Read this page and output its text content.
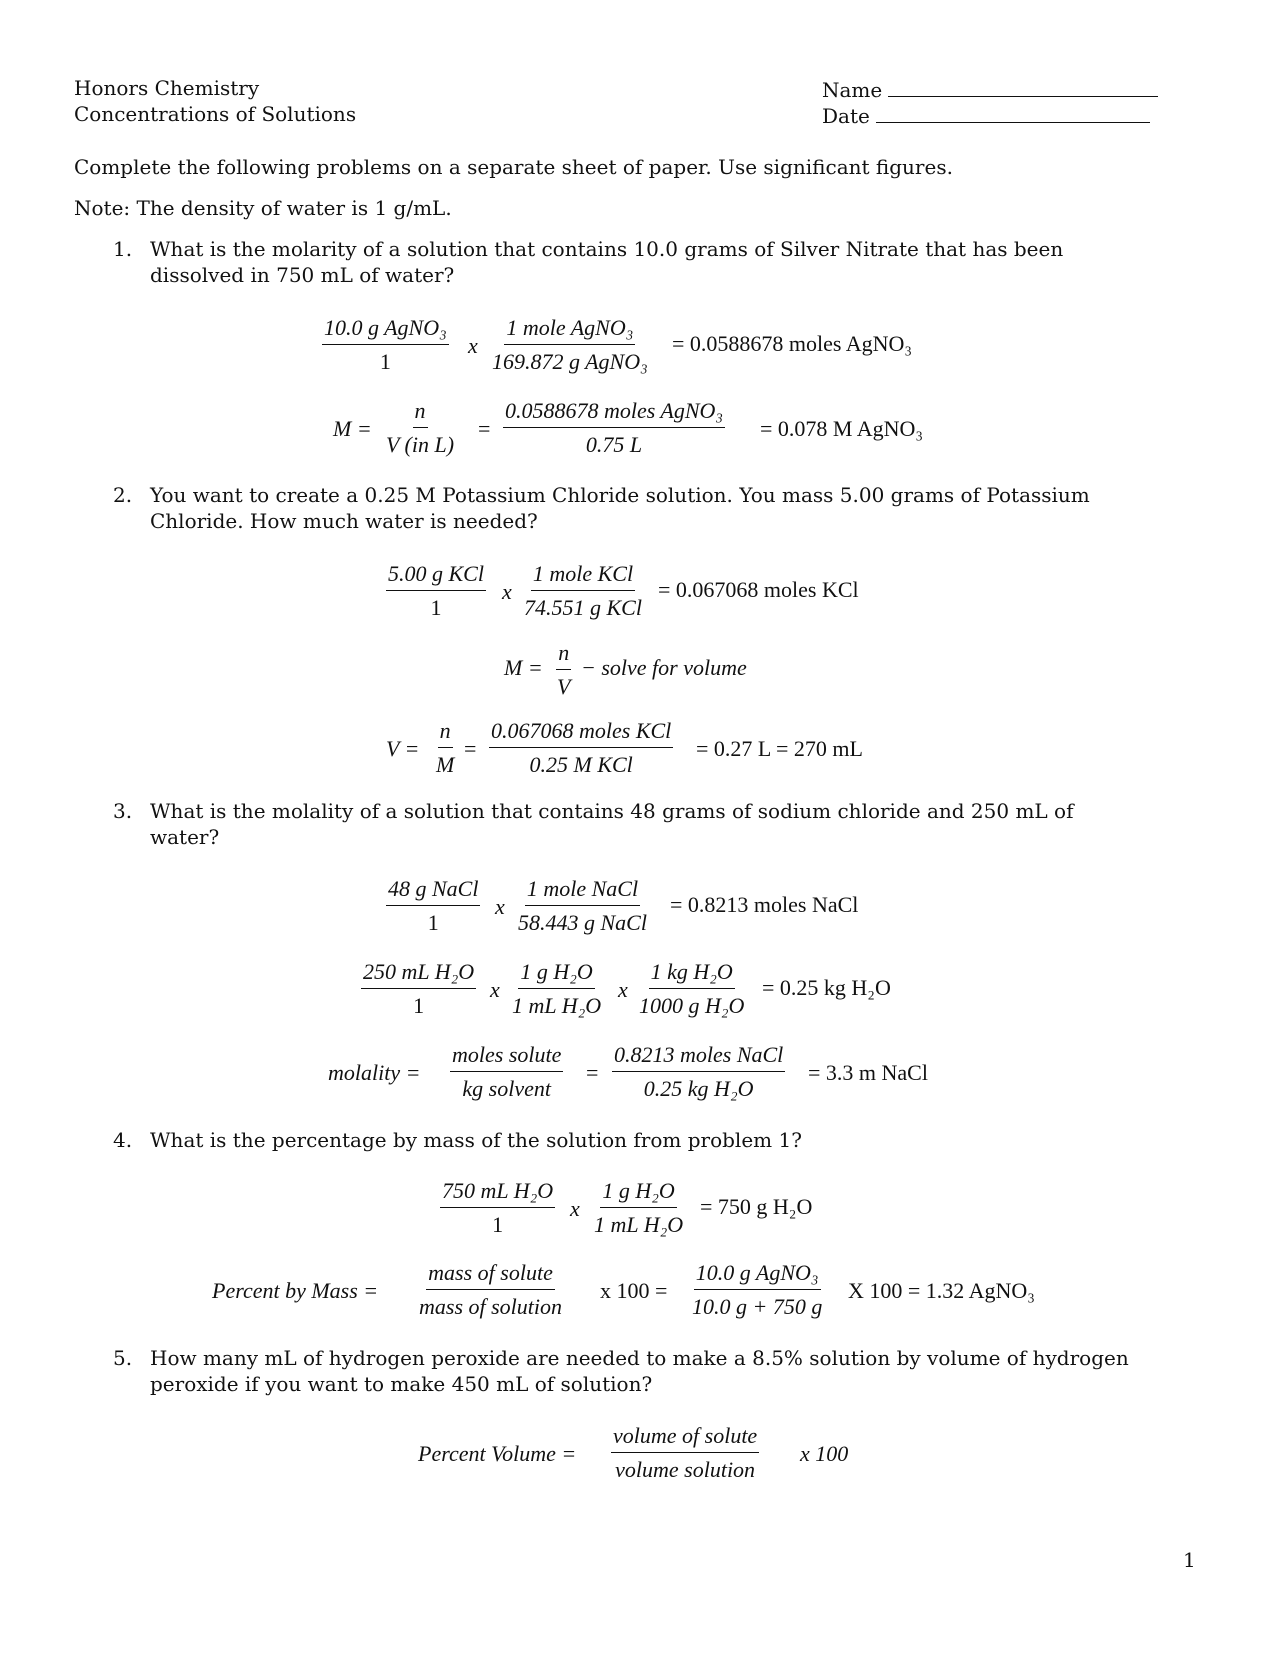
Honors Chemistry
Concentrations of Solutions
Name
Date
Complete the following problems on a separate sheet of paper. Use significant figures.
Note: The density of water is 1 g/mL.
1. What is the molarity of a solution that contains 10.0 grams of Silver Nitrate that has been
dissolved in 750 mL of water?
10.0 g AgNO₃
1
x
1 mole AgNO₃
169.872 g AgNO₃
= 0.0588678 moles AgNO₃
$M = \frac{n}{\text{V (in L)}}$ =
0.0588678 moles AgNO₃
0.75 L
= 0.078 M AgNO₃
2. You want to create a 0.25 M Potassium Chloride solution. You mass 5.00 grams of Potassium
Chloride. How much water is needed?
5.00 g KCl
1
x
1 mole KCl
74.551 g KCl
= 0.067068 moles KCl
$M = \frac{n}{V}$ − solve for volume
$V = \frac{n}{M}$ =
0.067068 moles KCl
0.25 M KCl
= 0.27 L = 270 mL
3. What is the molality of a solution that contains 48 grams of sodium chloride and 250 mL of
water?
48 g NaCl
1
x
1 mole NaCl
58.443 g NaCl
= 0.8213 moles NaCl
$\frac{\text{250 mL H₂O}}{1}$ x $\frac{\text{1 g H₂O}}{\text{1 mL H₂O}}$ x $\frac{\text{1 kg H₂O}}{\text{1000 g H₂O}} = 0.25$ kg H₂O
molality =
moles solute
kg solvent
=
0.8213 moles NaCl
0.25 kg H₂O
= 3.3 m NaCl
4. What is the percentage by mass of the solution from problem 1?
$\frac{\text{750 mL H₂O}}{1}$ x $\frac{\text{1 g H₂O}}{\text{1 mL H₂O}} = 750$ g H₂O
Percent by Mass =
mass of solute
mass of solution
x 100 =
10.0 g AgNO₃
10.0 g + 750 g
X 100 = 1.32 AgNO₃
5. How many mL of hydrogen peroxide are needed to make a 8.5% solution by volume of hydrogen
peroxide if you want to make 450 mL of solution?
Percent Volume =
volume of solute
volume solution
x 100
1
